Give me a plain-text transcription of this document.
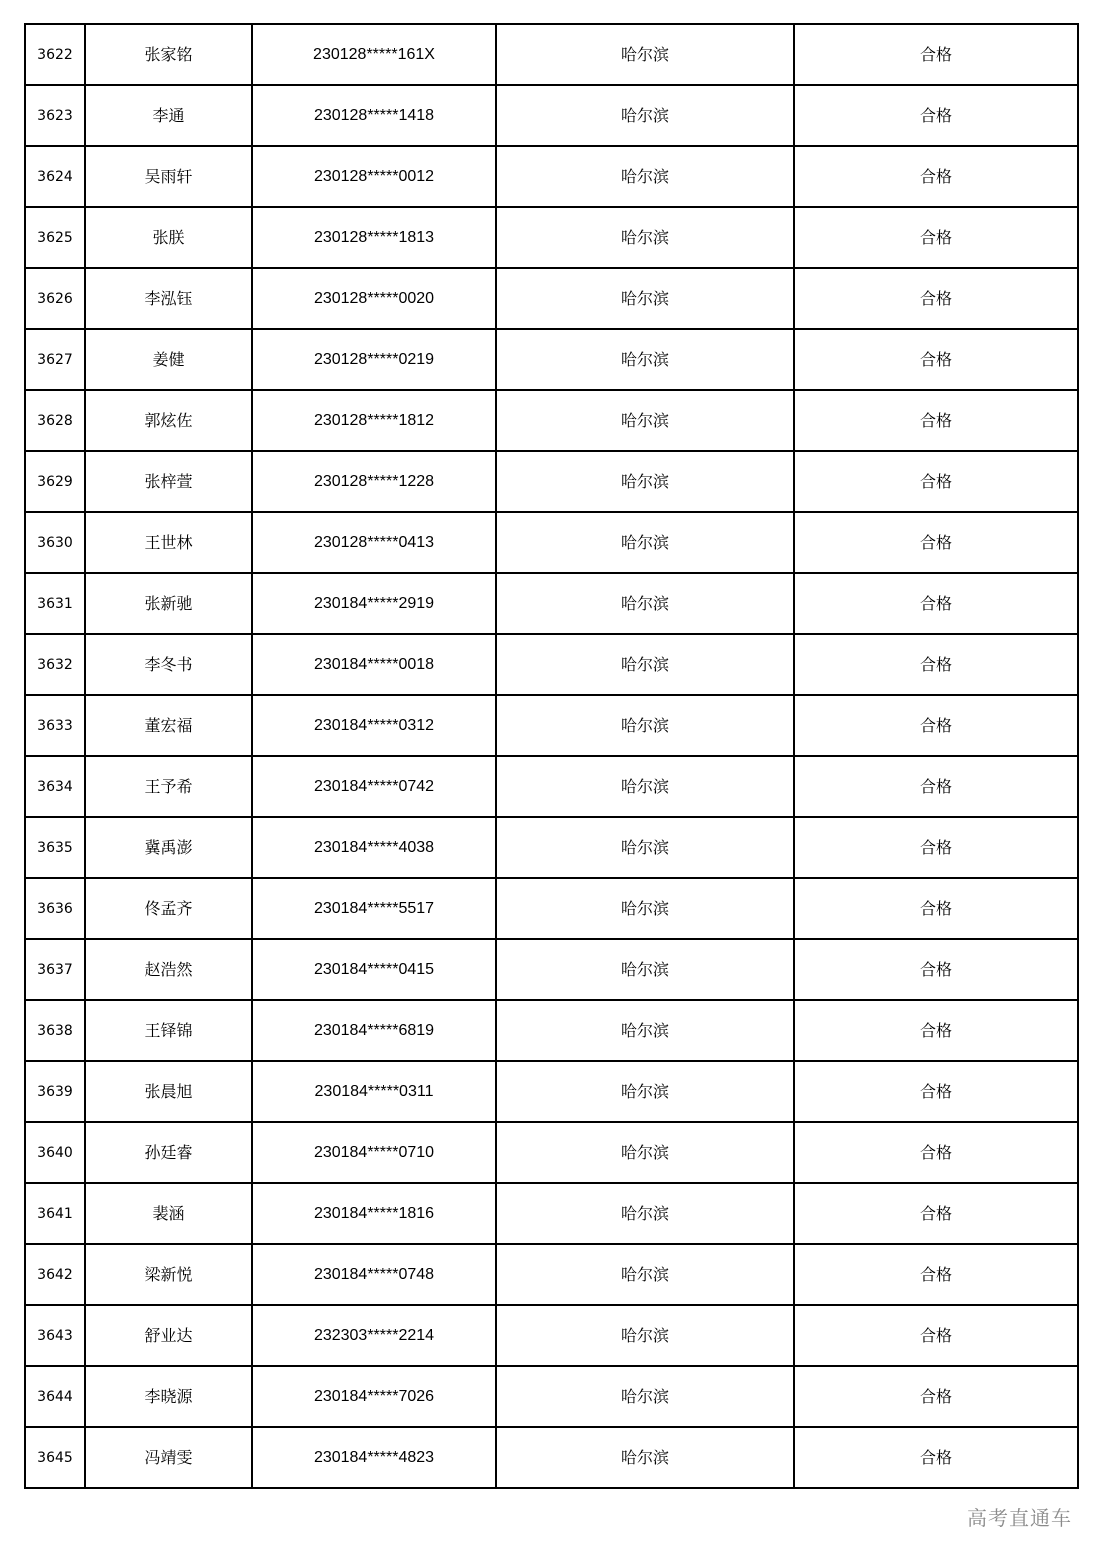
3622	张家铭	230128*****161X	哈尔滨	合格
3623	李通	230128*****1418	哈尔滨	合格
3624	吴雨轩	230128*****0012	哈尔滨	合格
3625	张朕	230128*****1813	哈尔滨	合格
3626	李泓钰	230128*****0020	哈尔滨	合格
3627	姜健	230128*****0219	哈尔滨	合格
3628	郭炫佐	230128*****1812	哈尔滨	合格
3629	张梓萱	230128*****1228	哈尔滨	合格
3630	王世林	230128*****0413	哈尔滨	合格
3631	张新驰	230184*****2919	哈尔滨	合格
3632	李冬书	230184*****0018	哈尔滨	合格
3633	董宏福	230184*****0312	哈尔滨	合格
3634	王予希	230184*****0742	哈尔滨	合格
3635	冀禹澎	230184*****4038	哈尔滨	合格
3636	佟孟齐	230184*****5517	哈尔滨	合格
3637	赵浩然	230184*****0415	哈尔滨	合格
3638	王铎锦	230184*****6819	哈尔滨	合格
3639	张晨旭	230184*****0311	哈尔滨	合格
3640	孙廷睿	230184*****0710	哈尔滨	合格
3641	裴涵	230184*****1816	哈尔滨	合格
3642	梁新悦	230184*****0748	哈尔滨	合格
3643	舒业达	232303*****2214	哈尔滨	合格
3644	李晓源	230184*****7026	哈尔滨	合格
3645	冯靖雯	230184*****4823	哈尔滨	合格
高考直通车
